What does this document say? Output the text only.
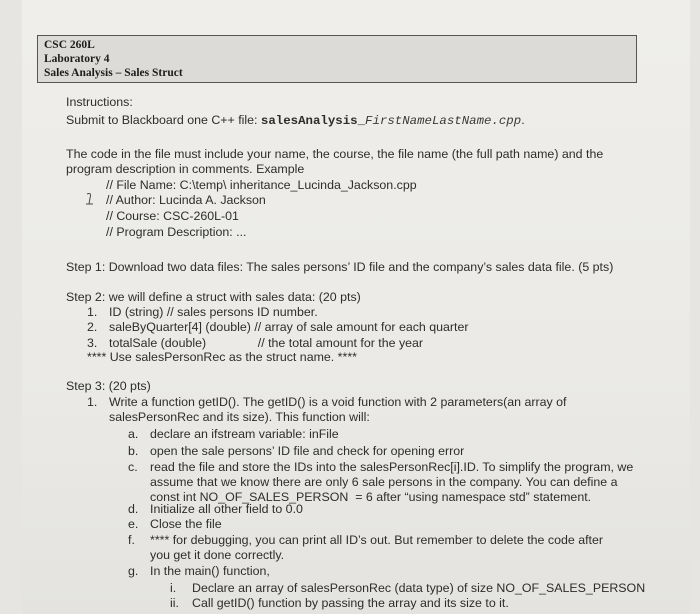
CSC 260L
Laboratory 4
Sales Analysis – Sales Struct
Instructions:
Submit to Blackboard one C++ file: salesAnalysis_FirstNameLastName.cpp.
The code in the file must include your name, the course, the file name (the full path name) and the
program description in comments. Example
// File Name: C:\temp\ inheritance_Lucinda_Jackson.cpp
// Author: Lucinda A. Jackson
// Course: CSC-260L-01
// Program Description: ...
Step 1: Download two data files: The sales persons’ ID file and the company’s sales data file. (5 pts)
Step 2: we will define a struct with sales data: (20 pts)
1. ID (string) // sales persons ID number.
2. saleByQuarter[4] (double) // array of sale amount for each quarter
3. totalSale (double)               // the total amount for the year
**** Use salesPersonRec as the struct name. ****
Step 3: (20 pts)
1. Write a function getID(). The getID() is a void function with 2 parameters(an array of
salesPersonRec and its size). This function will:
a. declare an ifstream variable: inFile
b. open the sale persons’ ID file and check for opening error
c. read the file and store the IDs into the salesPersonRec[i].ID. To simplify the program, we
assume that we know there are only 6 sale persons in the company. You can define a
const int NO_OF_SALES_PERSON  = 6 after “using namespace std” statement.
d. Initialize all other field to 0.0
e. Close the file
f. **** for debugging, you can print all ID’s out. But remember to delete the code after
you get it done correctly.
g. In the main() function,
i. Declare an array of salesPersonRec (data type) of size NO_OF_SALES_PERSON
ii. Call getID() function by passing the array and its size to it.
